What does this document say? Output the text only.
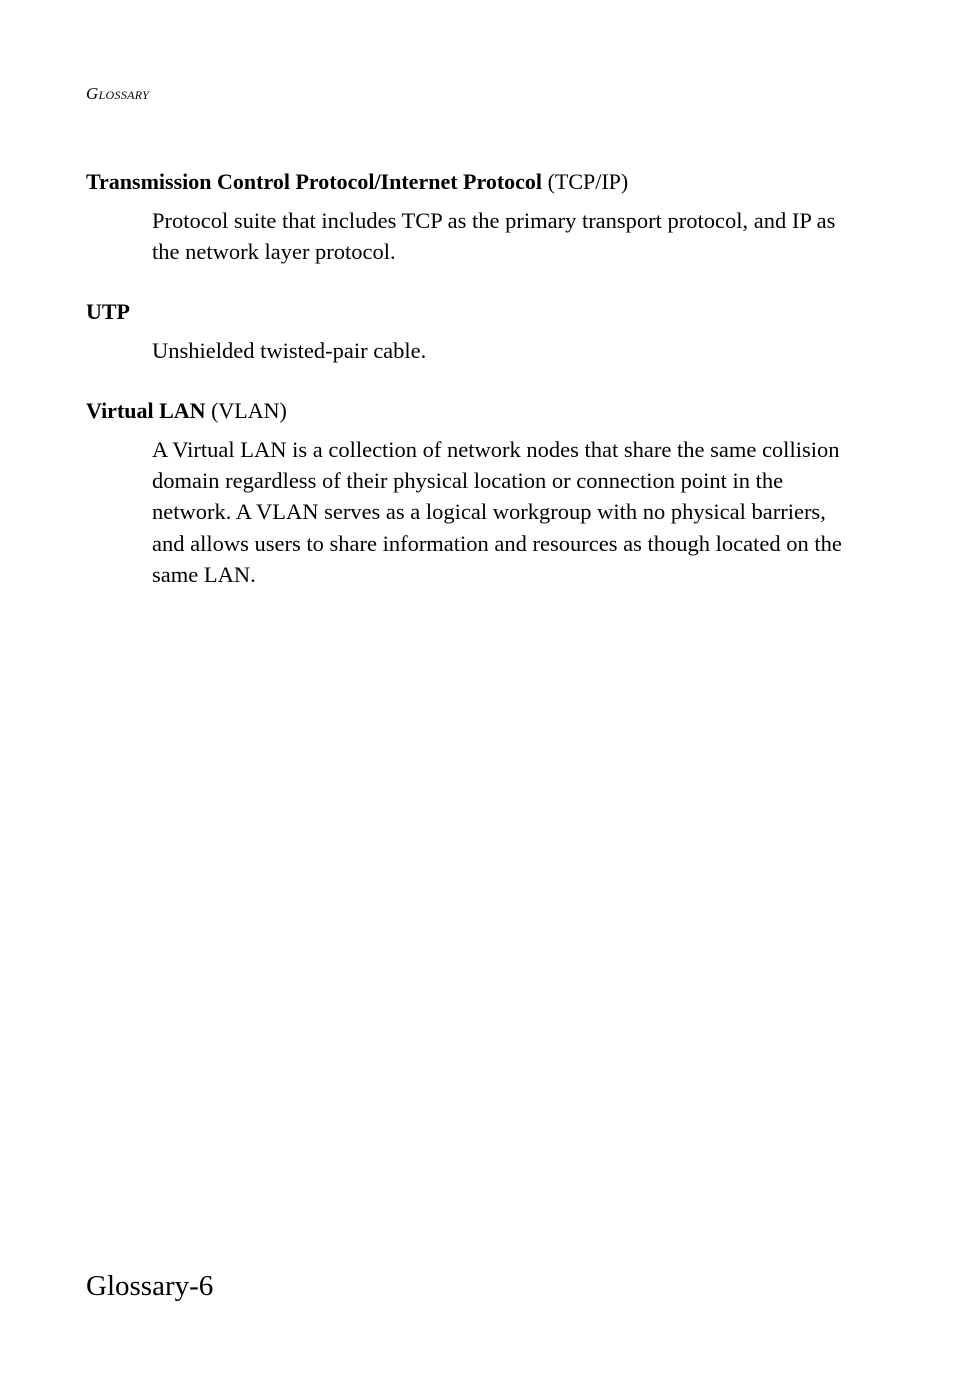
Glossary

Transmission Control Protocol/Internet Protocol (TCP/IP)

Protocol suite that includes TCP as the primary transport protocol, and IP as the network layer protocol.

UTP

Unshielded twisted-pair cable.

Virtual LAN (VLAN)

A Virtual LAN is a collection of network nodes that share the same collision domain regardless of their physical location or connection point in the network. A VLAN serves as a logical workgroup with no physical barriers, and allows users to share information and resources as though located on the same LAN.

Glossary-6
